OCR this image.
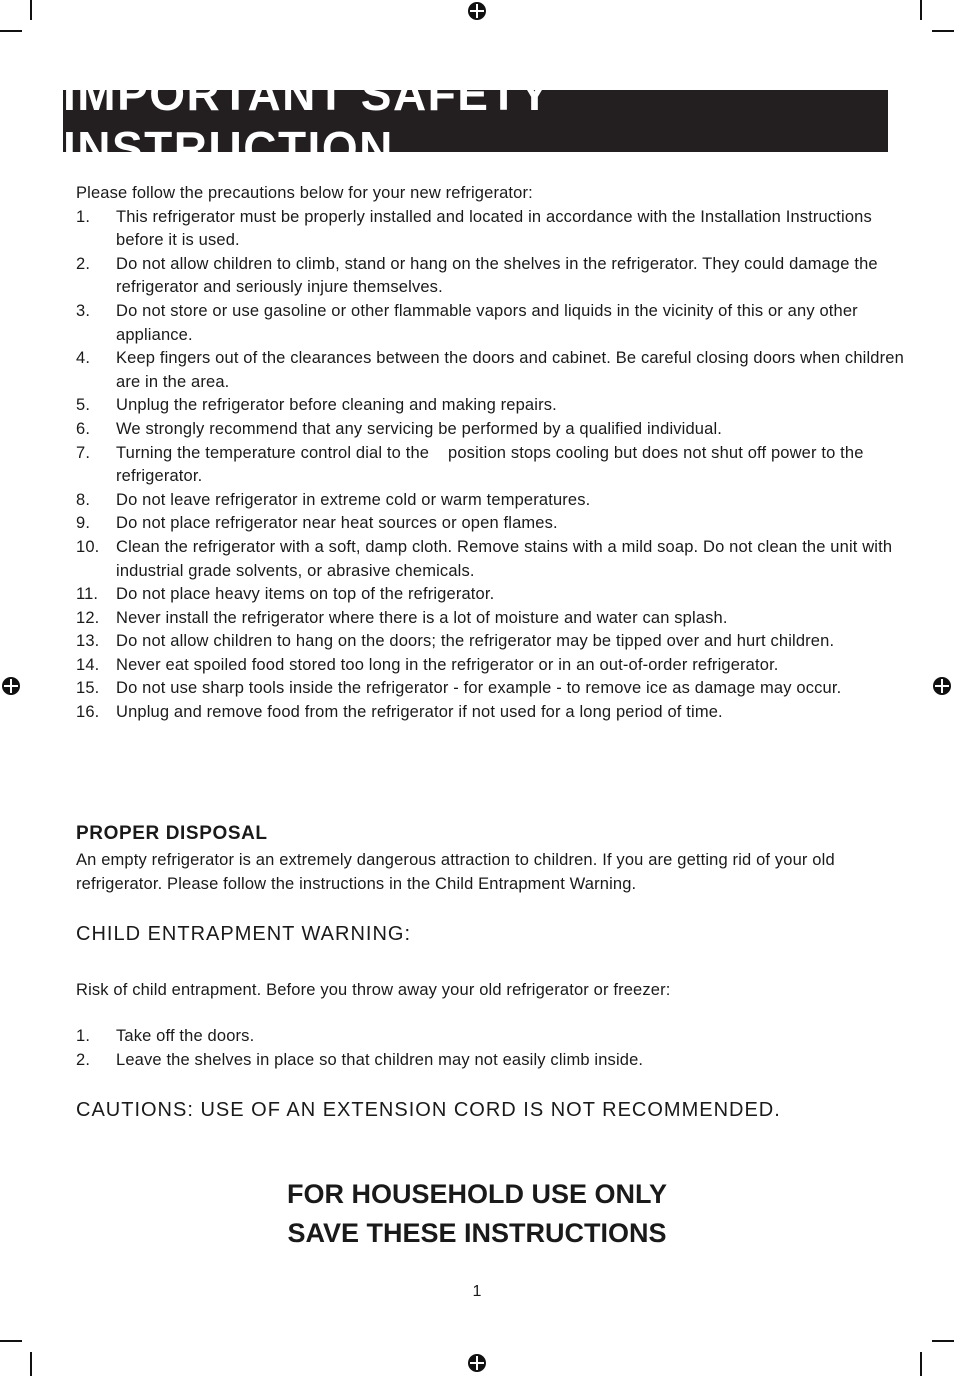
IMPORTANT SAFETY INSTRUCTION
Please follow the precautions below for your new refrigerator:
1.	This refrigerator must be properly installed and located in accordance with the Installation Instructions before it is used.
2.	Do not allow children to climb, stand or hang on the shelves in the refrigerator. They could damage the refrigerator and seriously injure themselves.
3.	Do not store or use gasoline or other flammable vapors and liquids in the vicinity of this or any other appliance.
4.	Keep fingers out of the clearances between the doors and cabinet. Be careful closing doors when children are in the area.
5.	Unplug the refrigerator before cleaning and making repairs.
6.	We strongly recommend that any servicing be performed by a qualified individual.
7.	Turning the temperature control dial to the    position stops cooling but does not shut off power to the refrigerator.
8.	Do not leave refrigerator in extreme cold or warm temperatures.
9.	Do not place refrigerator near heat sources or open flames.
10.	Clean the refrigerator with a soft, damp cloth. Remove stains with a mild soap. Do not clean the unit with industrial grade solvents, or abrasive chemicals.
11.	Do not place heavy items on top of the refrigerator.
12.	Never install the refrigerator where there is a lot of moisture and water can splash.
13.	Do not allow children to hang on the doors; the refrigerator may be tipped over and hurt children.
14.	Never eat spoiled food stored too long in the refrigerator or in an out-of-order refrigerator.
15.	Do not use sharp tools inside the refrigerator - for example - to remove ice as damage may occur.
16.	Unplug and remove food from the refrigerator if not used for a long period of time.
PROPER DISPOSAL
An empty refrigerator is an extremely dangerous attraction to children. If you are getting rid of your old refrigerator. Please follow the instructions in the Child Entrapment Warning.
CHILD ENTRAPMENT WARNING:
Risk of child entrapment. Before you throw away your old refrigerator or freezer:
1.	Take off the doors.
2.	Leave the shelves in place so that children may not easily climb inside.
CAUTIONS: USE OF AN EXTENSION CORD IS NOT RECOMMENDED.
FOR HOUSEHOLD USE ONLY
SAVE THESE INSTRUCTIONS
1
